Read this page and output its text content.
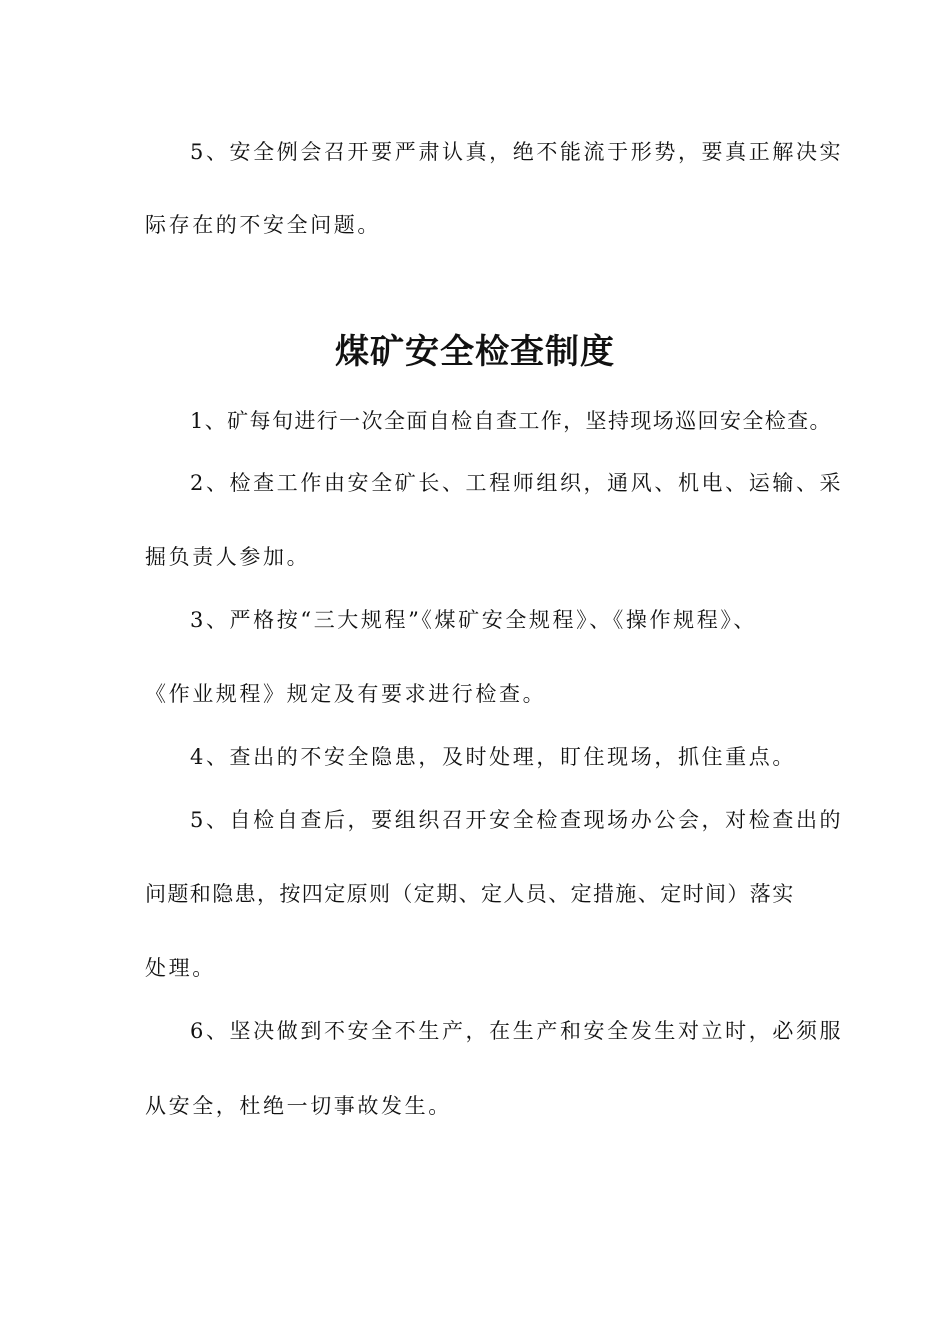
5、安全例会召开要严肃认真，绝不能流于形势，要真正解决实
际存在的不安全问题。
煤矿安全检查制度
1、矿每旬进行一次全面自检自查工作，坚持现场巡回安全检查。
2、检查工作由安全矿长、工程师组织，通风、机电、运输、采
掘负责人参加。
3、严格按“三大规程”《煤矿安全规程》、《操作规程》、
《作业规程》规定及有要求进行检查。
4、查出的不安全隐患，及时处理，盯住现场，抓住重点。
5、自检自查后，要组织召开安全检查现场办公会，对检查出的
问题和隐患，按四定原则（定期、定人员、定措施、定时间）落实
处理。
6、坚决做到不安全不生产，在生产和安全发生对立时，必须服
从安全，杜绝一切事故发生。
